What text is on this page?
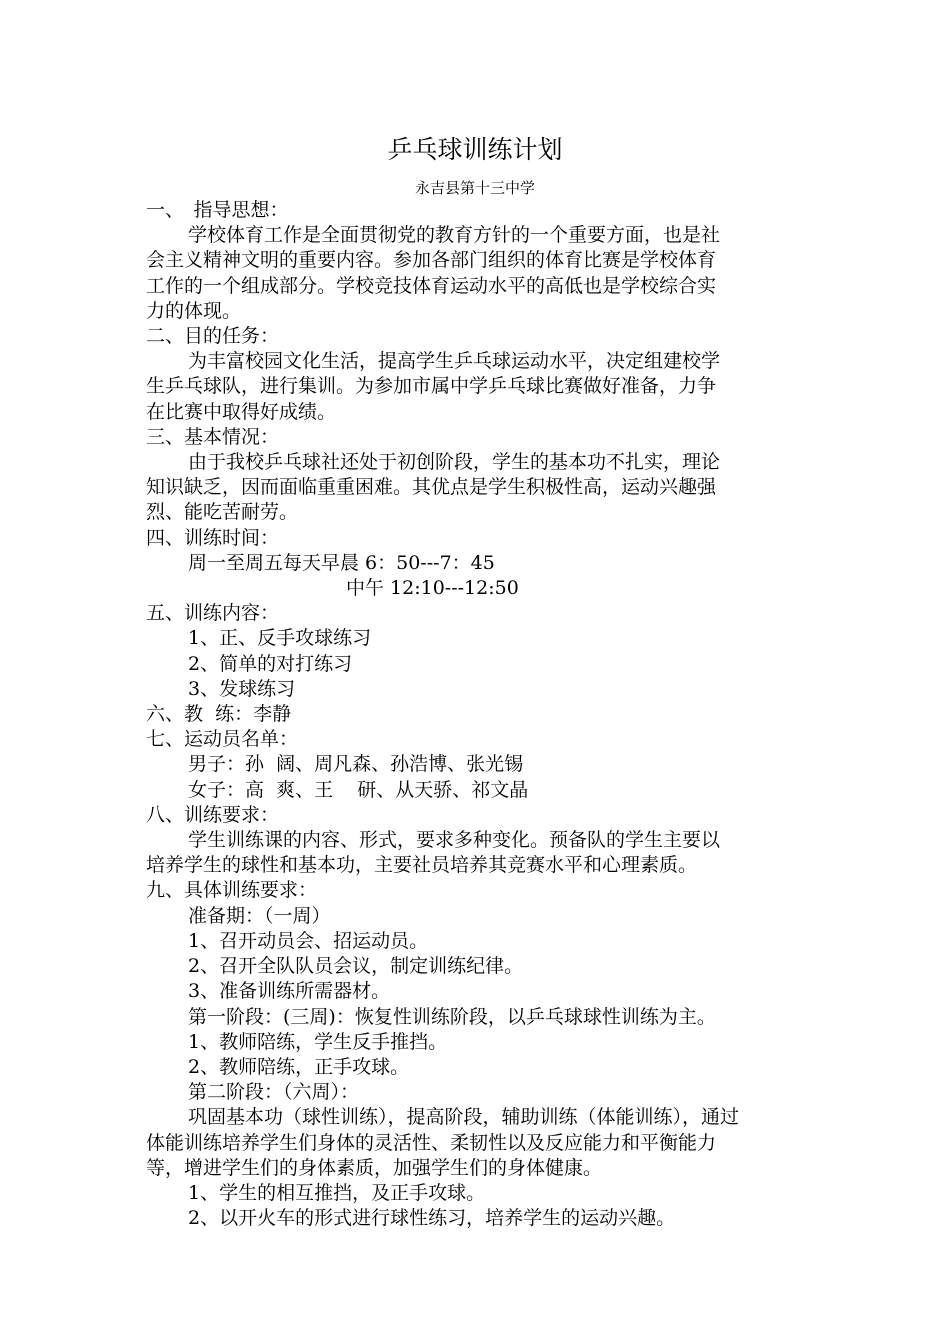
乒乓球训练计划
永吉县第十三中学

一、　指导思想：

学校体育工作是全面贯彻党的教育方针的一个重要方面，也是社

会主义精神文明的重要内容。参加各部门组织的体育比赛是学校体育

工作的一个组成部分。学校竞技体育运动水平的高低也是学校综合实

力的体现。

二、目的任务：

为丰富校园文化生活，提高学生乒乓球运动水平，决定组建校学

生乒乓球队，进行集训。为参加市属中学乒乓球比赛做好准备，力争

在比赛中取得好成绩。

三、基本情况：

由于我校乒乓球社还处于初创阶段，学生的基本功不扎实，理论

知识缺乏，因而面临重重困难。其优点是学生积极性高，运动兴趣强

烈、能吃苦耐劳。

四、训练时间：

周一至周五每天早晨 6：50---7：45

中午 12:10---12:50

五、训练内容：

1、正、反手攻球练习

2、简单的对打练习

3、发球练习

六、教  练：李静

七、运动员名单：

男子：孙  阔、周凡森、孙浩博、张光锡

女子：高  爽、王    研、从天骄、祁文晶

八、训练要求：

学生训练课的内容、形式，要求多种变化。预备队的学生主要以

培养学生的球性和基本功，主要社员培养其竞赛水平和心理素质。

九、具体训练要求：

准备期：（一周）

1、召开动员会、招运动员。

2、召开全队队员会议，制定训练纪律。

3、准备训练所需器材。

第一阶段：(三周)：恢复性训练阶段，以乒乓球球性训练为主。

1、教师陪练，学生反手推挡。

2、教师陪练，正手攻球。

第二阶段：（六周）：

巩固基本功（球性训练），提高阶段，辅助训练（体能训练），通过

体能训练培养学生们身体的灵活性、柔韧性以及反应能力和平衡能力

等，增进学生们的身体素质，加强学生们的身体健康。

1、学生的相互推挡，及正手攻球。

2、以开火车的形式进行球性练习，培养学生的运动兴趣。
